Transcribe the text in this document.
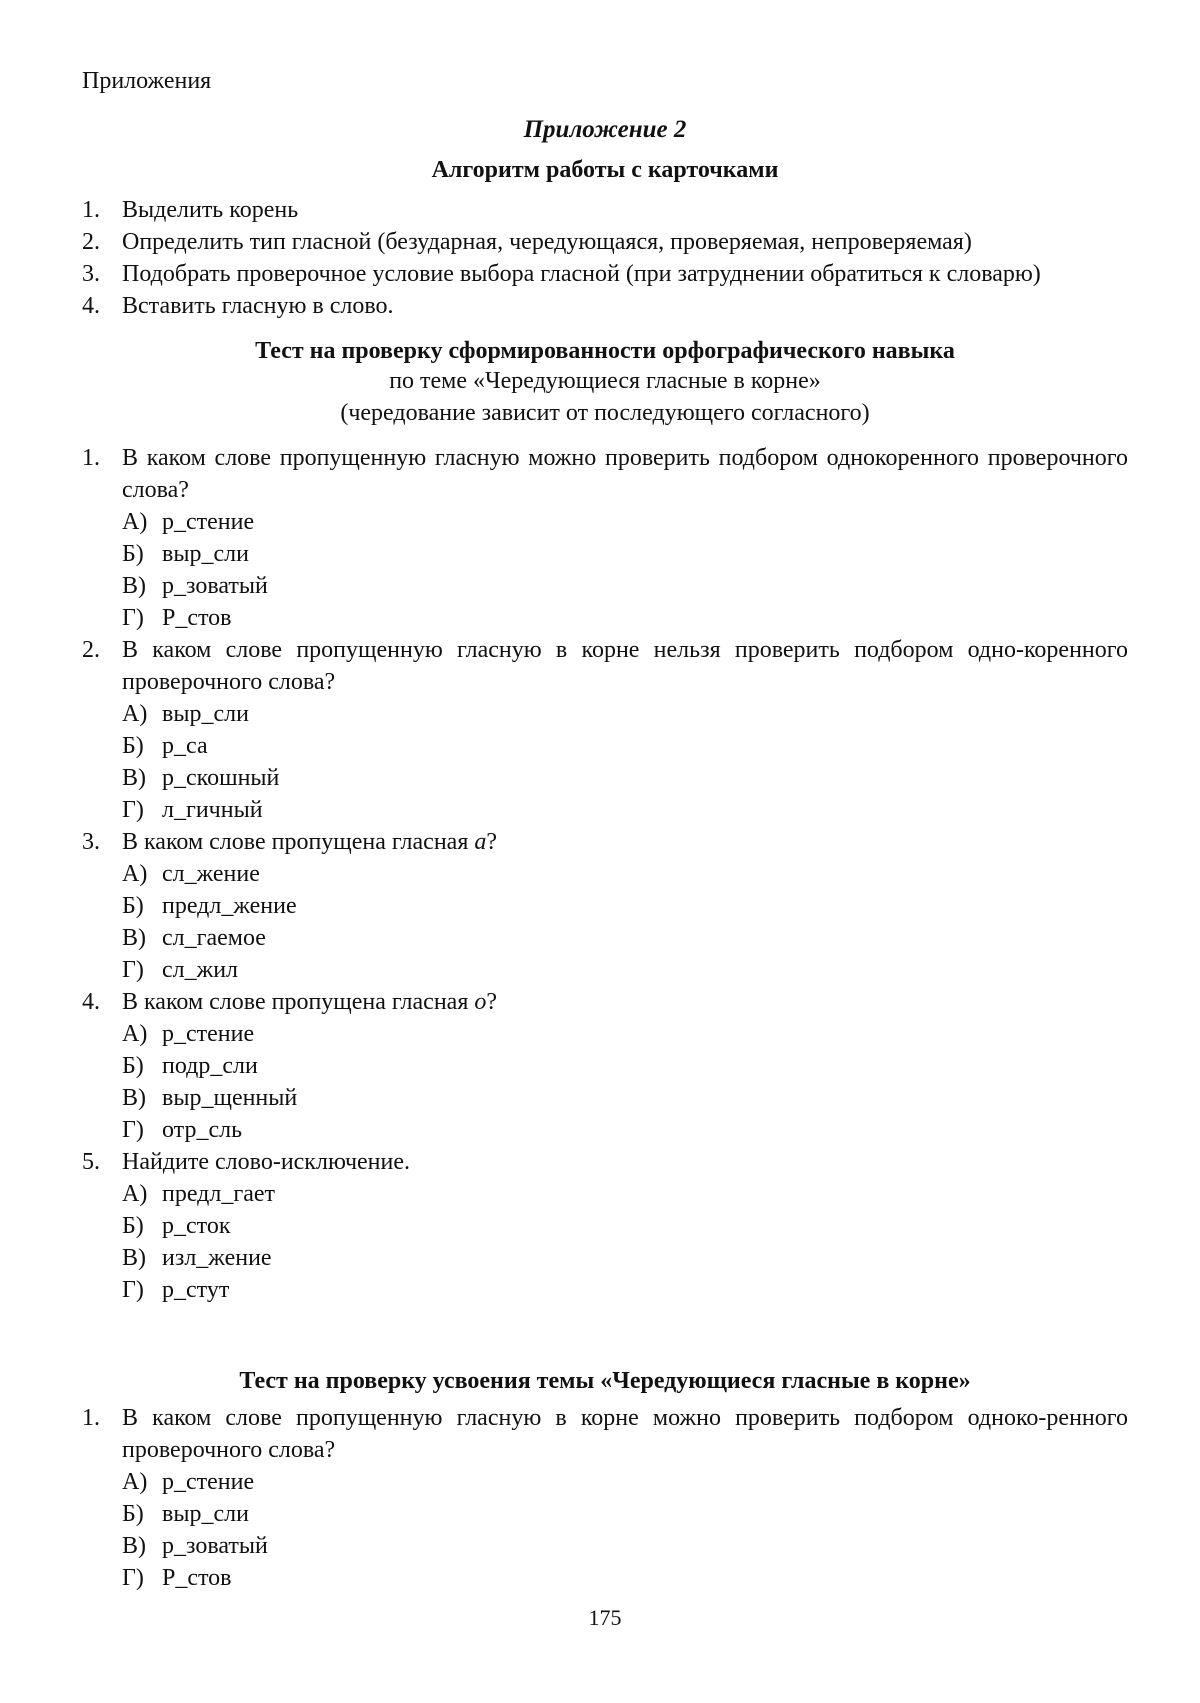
Приложения
Приложение 2
Алгоритм работы с карточками
1. Выделить корень
2. Определить тип гласной (безударная, чередующаяся, проверяемая, непроверяемая)
3. Подобрать проверочное условие выбора гласной (при затруднении обратиться к словарю)
4. Вставить гласную в слово.
Тест на проверку сформированности орфографического навыка
по теме «Чередующиеся гласные в корне»
(чередование зависит от последующего согласного)
1. В каком слове пропущенную гласную можно проверить подбором однокоренного проверочного слова?
А) р_стение
Б) выр_сли
В) р_зоватый
Г) Р_стов
2. В каком слове пропущенную гласную в корне нельзя проверить подбором одно-коренного проверочного слова?
А) выр_сли
Б) р_са
В) р_скошный
Г) л_гичный
3. В каком слове пропущена гласная а?
А) сл_жение
Б) предл_жение
В) сл_гаемое
Г) сл_жил
4. В каком слове пропущена гласная о?
А) р_стение
Б) подр_сли
В) выр_щенный
Г) отр_сль
5. Найдите слово-исключение.
А) предл_гает
Б) р_сток
В) изл_жение
Г) р_стут
Тест на проверку усвоения темы «Чередующиеся гласные в корне»
1. В каком слове пропущенную гласную в корне можно проверить подбором одноко-ренного проверочного слова?
А) р_стение
Б) выр_сли
В) р_зоватый
Г) Р_стов
175
